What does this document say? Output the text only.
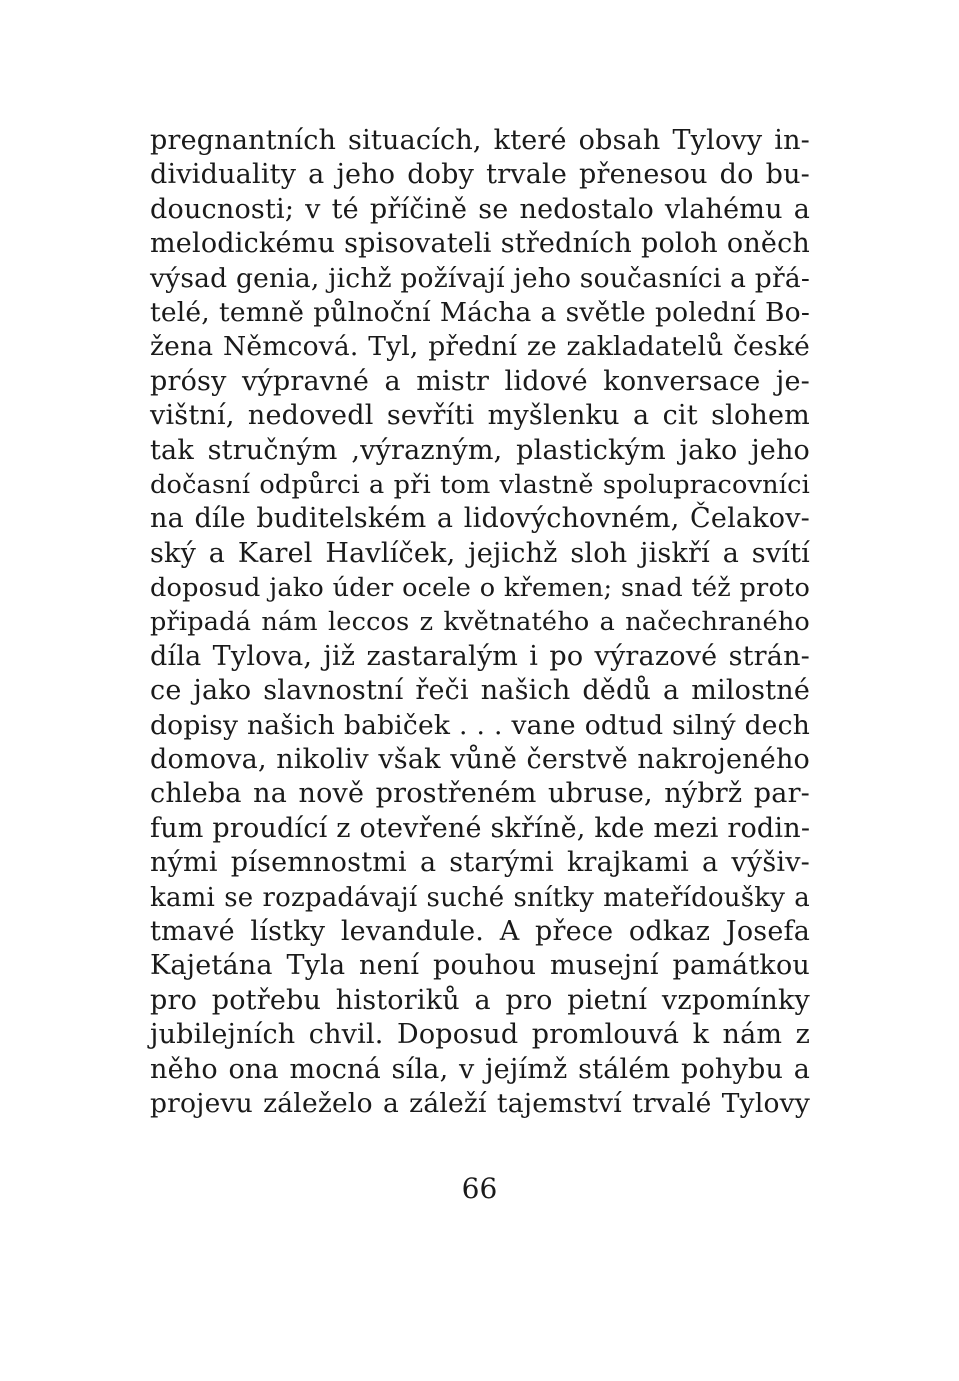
pregnantních situacích, které obsah Tylovy in-
dividuality a jeho doby trvale přenesou do bu-
doucnosti; v té příčině se nedostalo vlahému a
melodickému spisovateli středních poloh oněch
výsad genia, jichž požívají jeho současníci a přá-
telé, temně půlnoční Mácha a světle polední Bo-
žena Němcová. Tyl, přední ze zakladatelů české
prósy výpravné a mistr lidové konversace je-
vištní, nedovedl sevříti myšlenku a cit slohem
tak stručným ,výrazným, plastickým jako jeho
dočasní odpůrci a při tom vlastně spolupracovníci
na díle buditelském a lidovýchovném, Čelakov-
ský a Karel Havlíček, jejichž sloh jiskří a svítí
doposud jako úder ocele o křemen; snad též proto
připadá nám leccos z květnatého a načechraného
díla Tylova, již zastaralým i po výrazové strán-
ce jako slavnostní řeči našich dědů a milostné
dopisy našich babiček . . . vane odtud silný dech
domova, nikoliv však vůně čerstvě nakrojeného
chleba na nově prostřeném ubruse, nýbrž par-
fum proudící z otevřené skříně, kde mezi rodin-
nými písemnostmi a starými krajkami a výšiv-
kami se rozpadávají suché snítky mateřídoušky a
tmavé lístky levandule. A přece odkaz Josefa
Kajetána Tyla není pouhou musejní památkou
pro potřebu historiků a pro pietní vzpomínky
jubilejních chvil. Doposud promlouvá k nám z
něho ona mocná síla, v jejímž stálém pohybu a
projevu záleželo a záleží tajemství trvalé Tylovy
66
